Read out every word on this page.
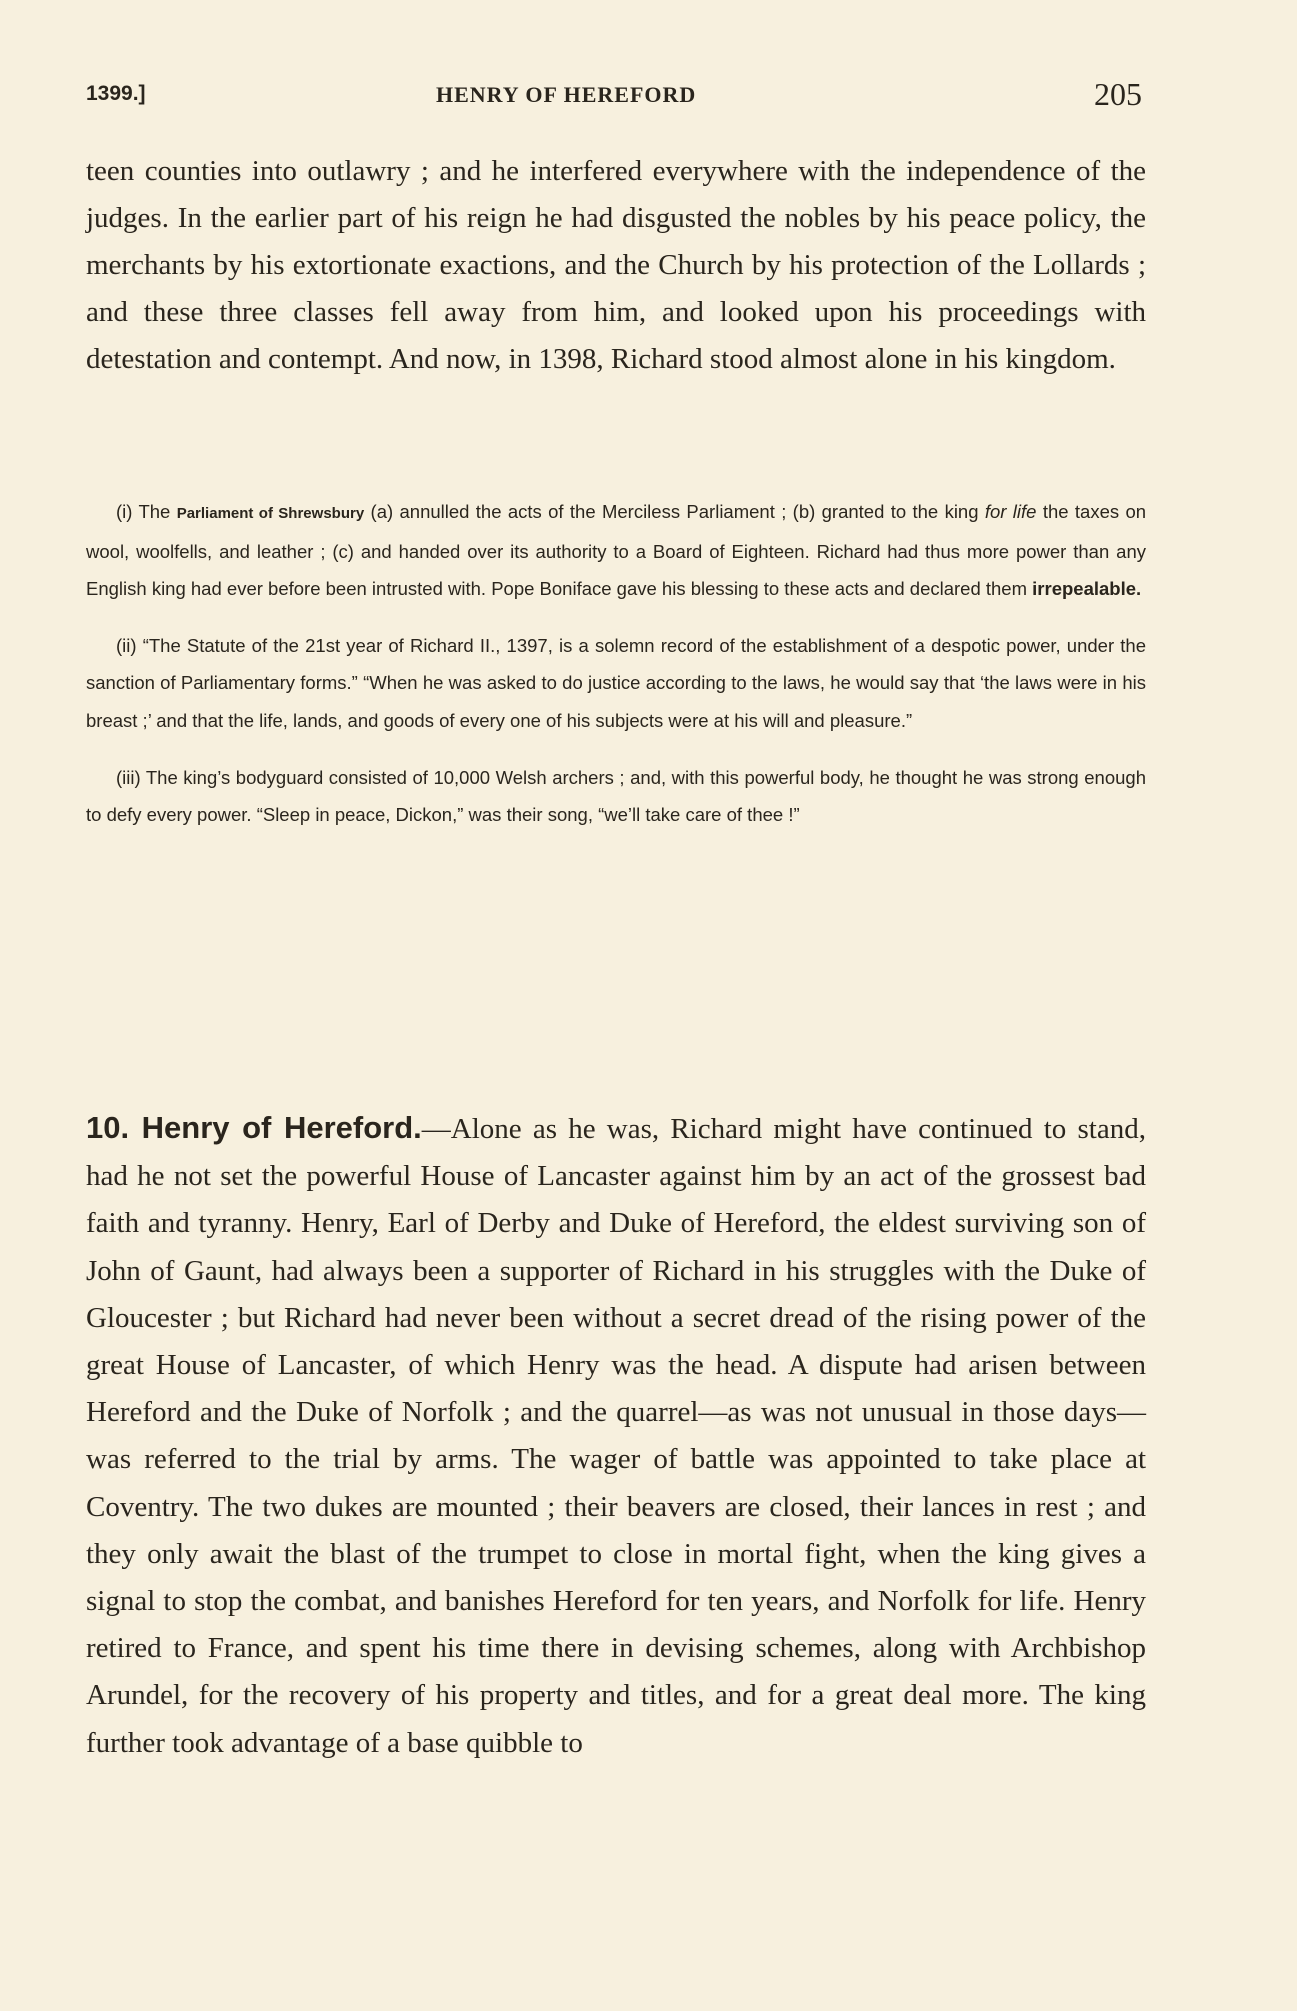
1399.]	HENRY OF HEREFORD	205

teen counties into outlawry ; and he interfered everywhere with the independence of the judges. In the earlier part of his reign he had disgusted the nobles by his peace policy, the merchants by his extortionate exactions, and the Church by his protection of the Lollards ; and these three classes fell away from him, and looked upon his proceedings with detestation and contempt. And now, in 1398, Richard stood almost alone in his kingdom.

(i) The Parliament of Shrewsbury (a) annulled the acts of the Merciless Parliament ; (b) granted to the king for life the taxes on wool, woolfells, and leather ; (c) and handed over its authority to a Board of Eighteen. Richard had thus more power than any English king had ever before been intrusted with. Pope Boniface gave his blessing to these acts and declared them irrepealable.

(ii) “The Statute of the 21st year of Richard II., 1397, is a solemn record of the establishment of a despotic power, under the sanction of Parliamentary forms.” “When he was asked to do justice according to the laws, he would say that ‘the laws were in his breast ;’ and that the life, lands, and goods of every one of his subjects were at his will and pleasure.”

(iii) The king’s bodyguard consisted of 10,000 Welsh archers ; and, with this powerful body, he thought he was strong enough to defy every power. “Sleep in peace, Dickon,” was their song, “we’ll take care of thee !”

10. Henry of Hereford.—Alone as he was, Richard might have continued to stand, had he not set the powerful House of Lancaster against him by an act of the grossest bad faith and tyranny. Henry, Earl of Derby and Duke of Hereford, the eldest surviving son of John of Gaunt, had always been a supporter of Richard in his struggles with the Duke of Gloucester ; but Richard had never been without a secret dread of the rising power of the great House of Lancaster, of which Henry was the head. A dispute had arisen between Hereford and the Duke of Norfolk ; and the quarrel—as was not unusual in those days—was referred to the trial by arms. The wager of battle was appointed to take place at Coventry. The two dukes are mounted ; their beavers are closed, their lances in rest ; and they only await the blast of the trumpet to close in mortal fight, when the king gives a signal to stop the combat, and banishes Hereford for ten years, and Norfolk for life. Henry retired to France, and spent his time there in devising schemes, along with Archbishop Arundel, for the recovery of his property and titles, and for a great deal more. The king further took advantage of a base quibble to
